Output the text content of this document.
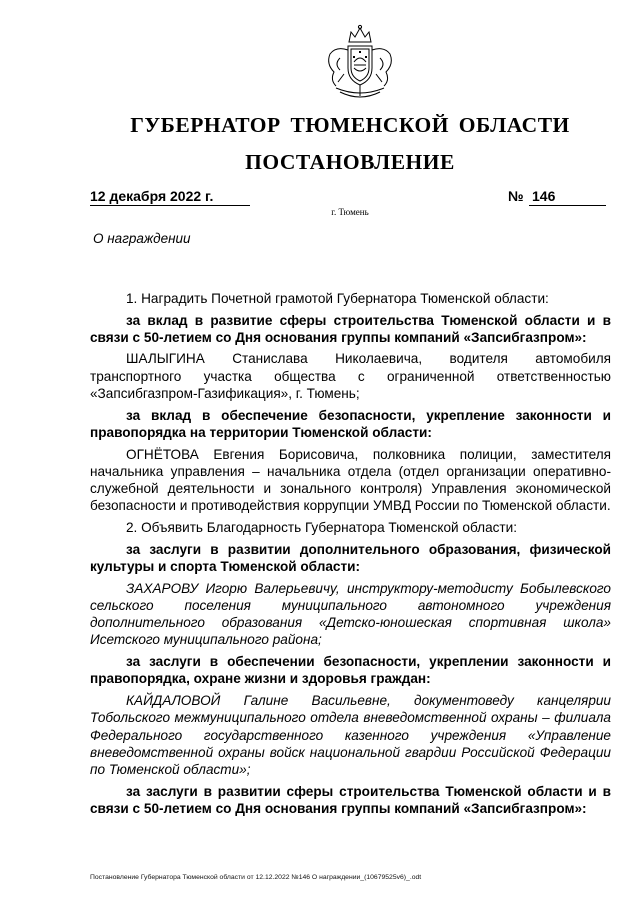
ГУБЕРНАТОР ТЮМЕНСКОЙ ОБЛАСТИ
ПОСТАНОВЛЕНИЕ
12 декабря 2022 г.	№ 146
г. Тюмень
О награждении

1. Наградить Почетной грамотой Губернатора Тюменской области:

за вклад в развитие сферы строительства Тюменской области и в связи с 50-летием со Дня основания группы компаний «Запсибгазпром»:

ШАЛЫГИНА Станислава Николаевича, водителя автомобиля транспортного участка общества с ограниченной ответственностью «Запсибгазпром-Газификация», г. Тюмень;

за вклад в обеспечение безопасности, укрепление законности и правопорядка на территории Тюменской области:

ОГНЁТОВА Евгения Борисовича, полковника полиции, заместителя начальника управления – начальника отдела (отдел организации оперативно-служебной деятельности и зонального контроля) Управления экономической безопасности и противодействия коррупции УМВД России по Тюменской области.

2. Объявить Благодарность Губернатора Тюменской области:

за заслуги в развитии дополнительного образования, физической культуры и спорта Тюменской области:

ЗАХАРОВУ Игорю Валерьевичу, инструктору-методисту Бобылевского сельского поселения муниципального автономного учреждения дополнительного образования «Детско-юношеская спортивная школа» Исетского муниципального района;

за заслуги в обеспечении безопасности, укреплении законности и правопорядка, охране жизни и здоровья граждан:

КАЙДАЛОВОЙ Галине Васильевне, документоведу канцелярии Тобольского межмуниципального отдела вневедомственной охраны – филиала Федерального государственного казенного учреждения «Управление вневедомственной охраны войск национальной гвардии Российской Федерации по Тюменской области»;

за заслуги в развитии сферы строительства Тюменской области и в связи с 50-летием со Дня основания группы компаний «Запсибгазпром»:

Постановление Губернатора Тюменской области от 12.12.2022 №146 О награждении_(10679525v6)_.odt
